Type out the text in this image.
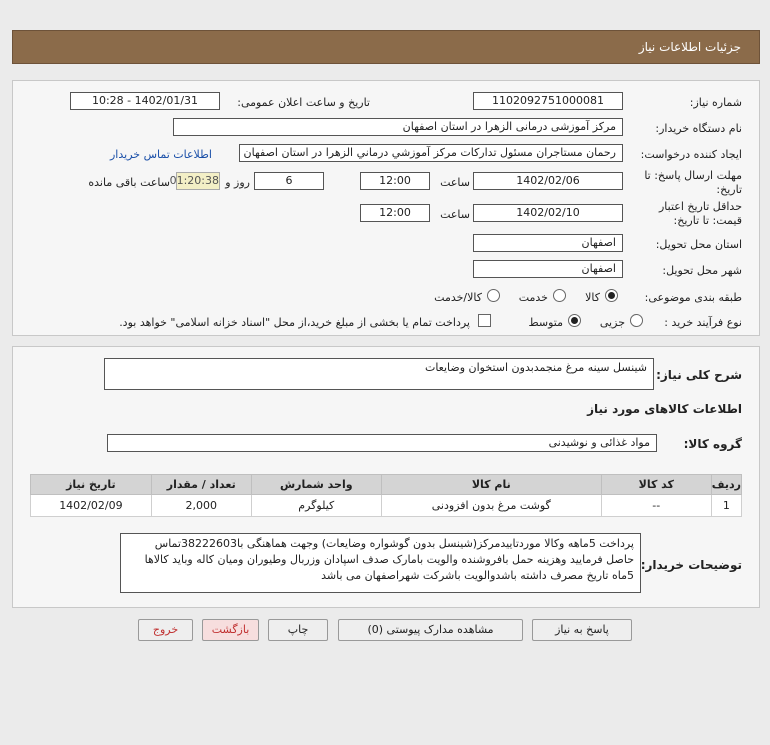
جزئیات اطلاعات نیاز
شماره نیاز:
1102092751000081
تاریخ و ساعت اعلان عمومی:
1402/01/31 - 10:28
نام دستگاه خریدار:
مرکز آموزشی درمانی الزهرا در استان اصفهان
ایجاد کننده درخواست:
رحمان مستاجران مسئول تداركات مركز آموزشي درماني الزهرا در استان اصفهان
اطلاعات تماس خریدار
مهلت ارسال پاسخ: تا
تاریخ:
1402/02/06
ساعت
12:00
6
روز و
01:20:38
ساعت باقی مانده
حداقل تاریخ اعتبار
قیمت: تا تاریخ:
1402/02/10
ساعت
12:00
استان محل تحویل:
اصفهان
شهر محل تحویل:
اصفهان
طبقه بندی موضوعی:
کالا
خدمت
کالا/خدمت
نوع فرآیند خرید :
جزیی
متوسط
پرداخت تمام یا بخشی از مبلغ خرید،از محل "اسناد خزانه اسلامی" خواهد بود.
شرح کلی نیاز:
شینسل سینه مرغ منجمدبدون استخوان وضایعات
اطلاعات کالاهای مورد نیاز
گروه کالا:
مواد غذائی و نوشیدنی
ردیف	کد کالا	نام کالا	واحد شمارش	تعداد / مقدار	تاریخ نیاز
1	--	گوشت مرغ بدون افزودنی	کیلوگرم	2,000	1402/02/09
توضیحات خریدار:
پرداخت 5ماهه وکالا موردتاییدمرکز(شینسل بدون گوشواره وضایعات) وجهت هماهنگی با38222603تماس حاصل فرمایید وهزینه حمل بافروشنده والویت بامارک صدف اسپادان وزربال وطیوران ومیان کاله وباید کالاها 5ماه تاریخ مصرف داشته باشدوالویت باشرکت شهراصفهان می باشد
پاسخ به نیاز
مشاهده مدارک پیوستی (0)
چاپ
بازگشت
خروج
